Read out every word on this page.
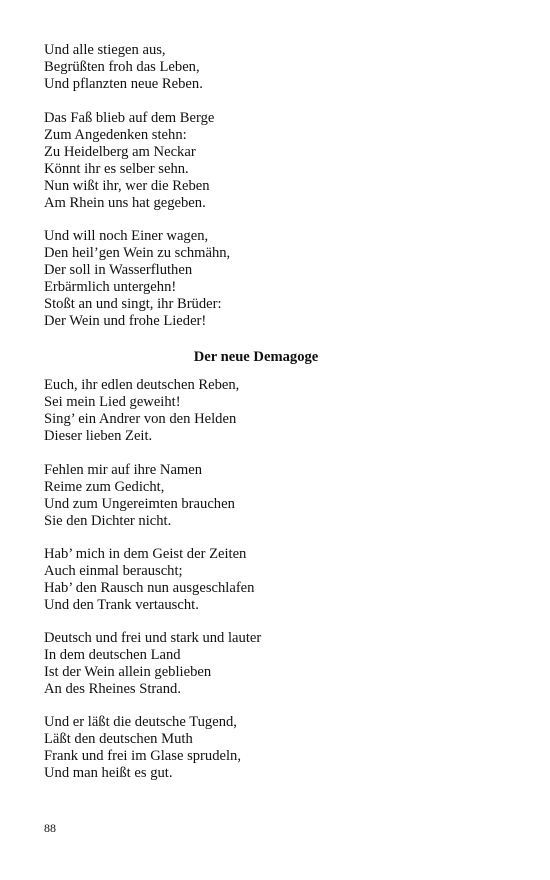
Und alle stiegen aus,
Begrüßten froh das Leben,
Und pflanzten neue Reben.
Das Faß blieb auf dem Berge
Zum Angedenken stehn:
Zu Heidelberg am Neckar
Könnt ihr es selber sehn.
Nun wißt ihr, wer die Reben
Am Rhein uns hat gegeben.
Und will noch Einer wagen,
Den heil’gen Wein zu schmähn,
Der soll in Wasserfluthen
Erbärmlich untergehn!
Stoßt an und singt, ihr Brüder:
Der Wein und frohe Lieder!
Der neue Demagoge
Euch, ihr edlen deutschen Reben,
Sei mein Lied geweiht!
Sing’ ein Andrer von den Helden
Dieser lieben Zeit.
Fehlen mir auf ihre Namen
Reime zum Gedicht,
Und zum Ungereimten brauchen
Sie den Dichter nicht.
Hab’ mich in dem Geist der Zeiten
Auch einmal berauscht;
Hab’ den Rausch nun ausgeschlafen
Und den Trank vertauscht.
Deutsch und frei und stark und lauter
In dem deutschen Land
Ist der Wein allein geblieben
An des Rheines Strand.
Und er läßt die deutsche Tugend,
Läßt den deutschen Muth
Frank und frei im Glase sprudeln,
Und man heißt es gut.
88
